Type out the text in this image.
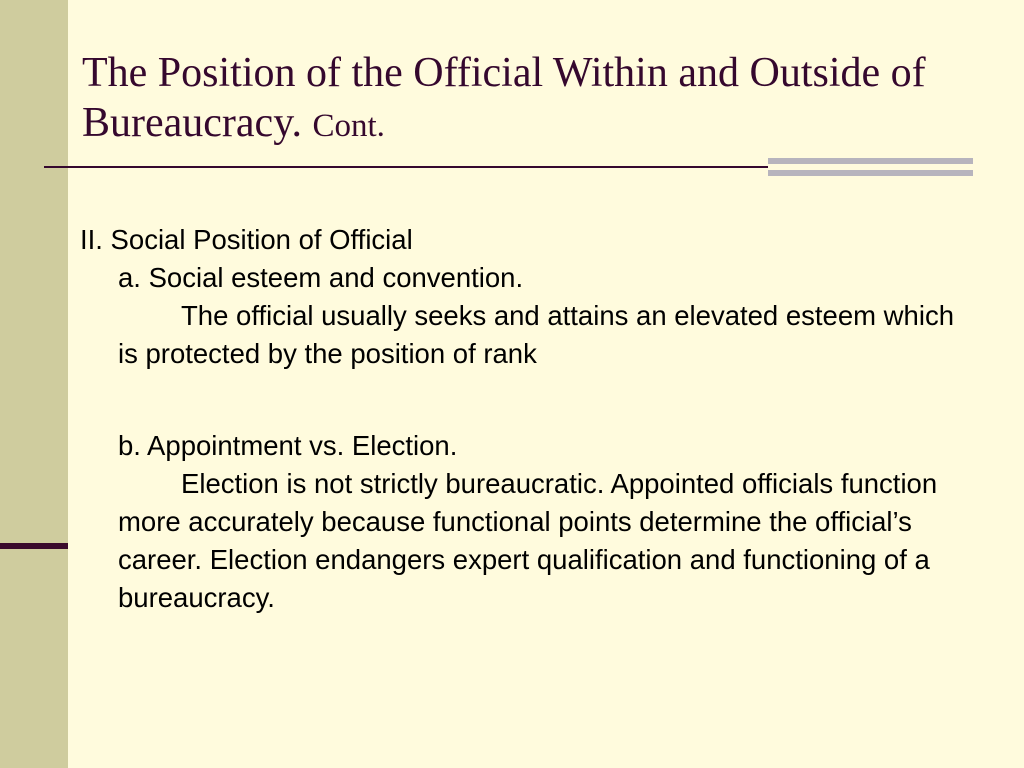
The Position of the Official Within and Outside of Bureaucracy. Cont.

II. Social Position of Official

a. Social esteem and convention.

The official usually seeks and attains an elevated esteem which is protected by the position of rank

b. Appointment vs. Election.

Election is not strictly bureaucratic. Appointed officials function more accurately because functional points determine the official’s career. Election endangers expert qualification and functioning of a bureaucracy.
